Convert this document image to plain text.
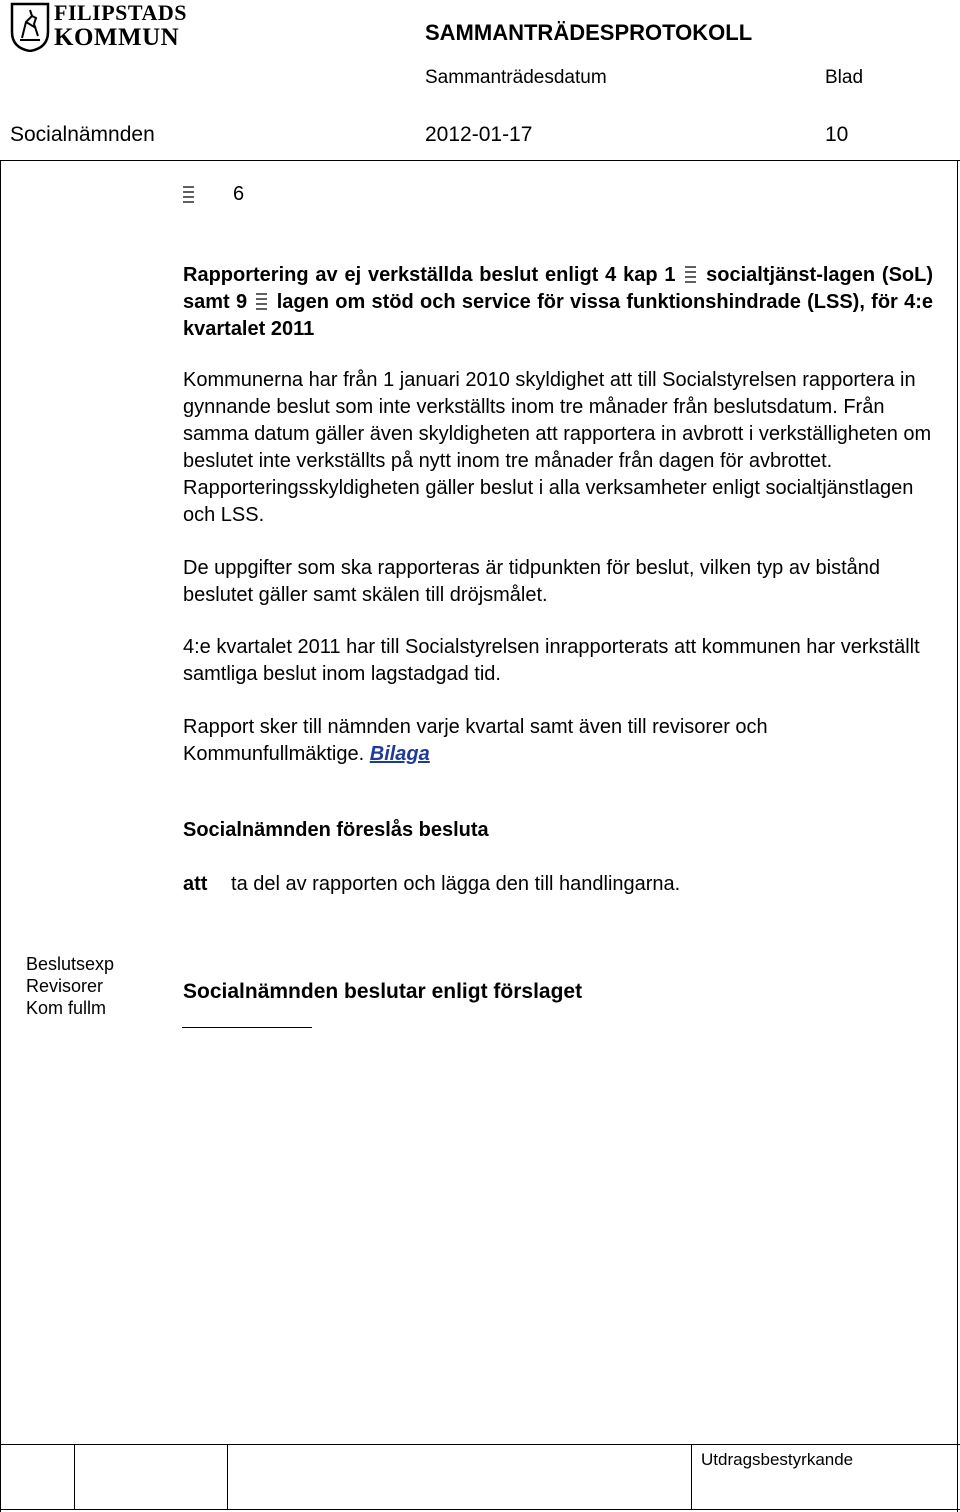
FILIPSTADS
KOMMUN	SAMMANTRÄDESPROTOKOLL
Sammanträdesdatum	Blad
Socialnämnden	2012-01-17	10
6
Rapportering av ej verkställda beslut enligt 4 kap 1 socialtjänst-lagen (SoL) samt 9 lagen om stöd och service för vissa funktionshindrade (LSS), för 4:e kvartalet 2011
Kommunerna har från 1 januari 2010 skyldighet att till Socialstyrelsen rapportera in gynnande beslut som inte verkställts inom tre månader från beslutsdatum. Från samma datum gäller även skyldigheten att rapportera in avbrott i verkställigheten om beslutet inte verkställts på nytt inom tre månader från dagen för avbrottet. Rapporteringsskyldigheten gäller beslut i alla verksamheter enligt socialtjänstlagen och LSS.
De uppgifter som ska rapporteras är tidpunkten för beslut, vilken typ av bistånd beslutet gäller samt skälen till dröjsmålet.
4:e kvartalet 2011 har till Socialstyrelsen inrapporterats att kommunen har verkställt samtliga beslut inom lagstadgad tid.
Rapport sker till nämnden varje kvartal samt även till revisorer och Kommunfullmäktige. Bilaga
Socialnämnden föreslås besluta
att ta del av rapporten och lägga den till handlingarna.
Beslutsexp
Revisorer
Kom fullm
Socialnämnden beslutar enligt förslaget
Utdragsbestyrkande
